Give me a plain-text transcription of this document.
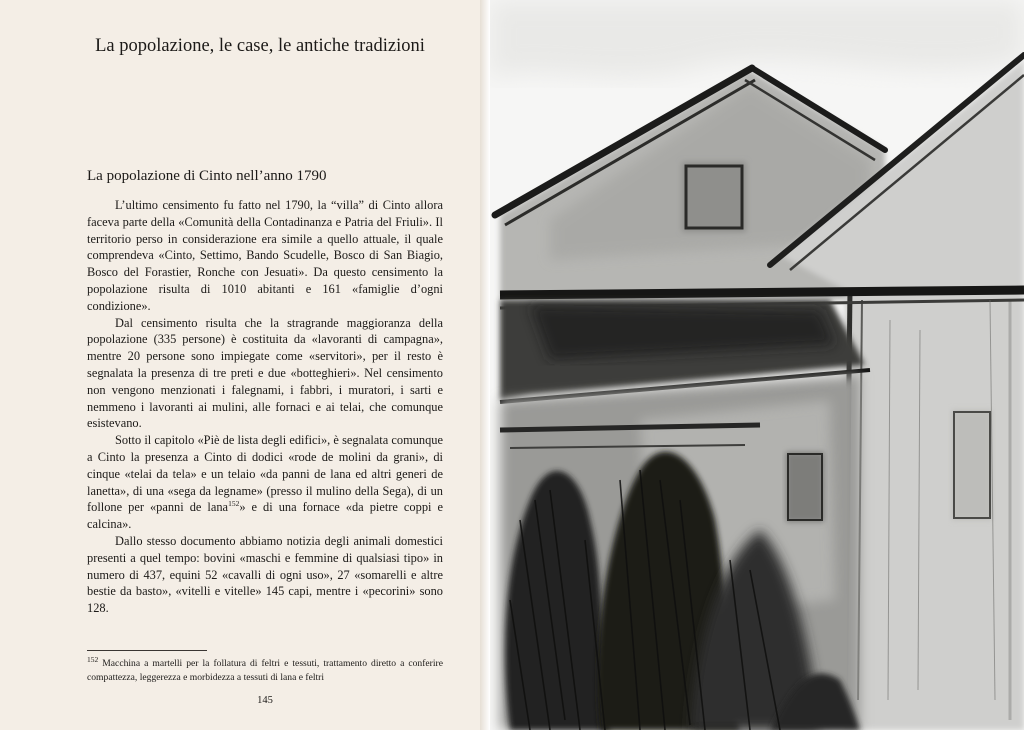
La popolazione, le case, le antiche tradizioni
La popolazione di Cinto nell’anno 1790

L’ultimo censimento fu fatto nel 1790, la “villa” di Cinto allora faceva parte della «Comunità della Contadinanza e Patria del Friuli». Il territorio perso in considerazione era simile a quello attuale, il quale comprendeva «Cinto, Settimo, Bando Scudelle, Bosco di San Biagio, Bosco del Forastier, Ronche con Jesuati». Da questo censimento la popolazione risulta di 1010 abitanti e 161 «famiglie d’ogni condizione».

Dal censimento risulta che la stragrande maggioranza della popolazione (335 persone) è costituita da «lavoranti di campagna», mentre 20 persone sono impiegate come «servitori», per il resto è segnalata la presenza di tre preti e due «botteghieri». Nel censimento non vengono menzionati i falegnami, i fabbri, i muratori, i sarti e nemmeno i lavoranti ai mulini, alle fornaci e ai telai, che comunque esistevano.

Sotto il capitolo «Piè de lista degli edifici», è segnalata comunque a Cinto la presenza a Cinto di dodici «rode de molini da grani», di cinque «telai da tela» e un telaio «da panni de lana ed altri generi de lanetta», di una «sega da legname» (presso il mulino della Sega), di un follone per «panni de lana$^{152}$» e di una fornace «da pietre coppi e calcina».

Dallo stesso documento abbiamo notizia degli animali domestici presenti a quel tempo: bovini «maschi e femmine di qualsiasi tipo» in numero di 437, equini 52 «cavalli di ogni uso», 27 «somarelli e altre bestie da basto», «vitelli e vitelle» 145 capi, mentre i «pecorini» sono 128.

$^{152}$ Macchina a martelli per la follatura di feltri e tessuti, trattamento diretto a conferire compattezza, leggerezza e morbidezza a tessuti di lana e feltri
145
